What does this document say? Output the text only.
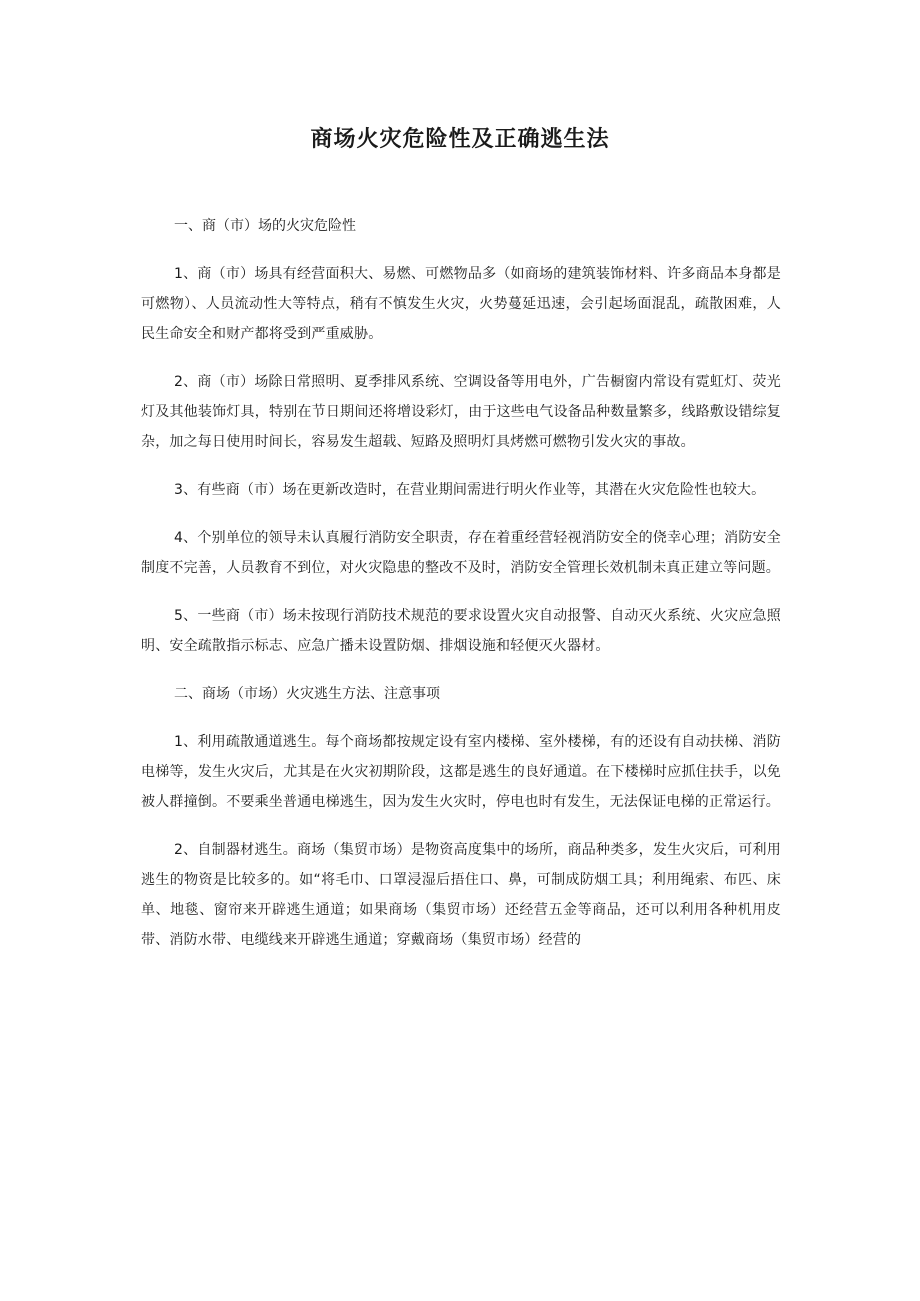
商场火灾危险性及正确逃生法

一、商（市）场的火灾危险性

1、商（市）场具有经营面积大、易燃、可燃物品多（如商场的建筑装饰材料、许多商品本身都是可燃物）、人员流动性大等特点，稍有不慎发生火灾，火势蔓延迅速，会引起场面混乱，疏散困难，人民生命安全和财产都将受到严重威胁。

2、商（市）场除日常照明、夏季排风系统、空调设备等用电外，广告橱窗内常设有霓虹灯、荧光灯及其他装饰灯具，特别在节日期间还将增设彩灯，由于这些电气设备品种数量繁多，线路敷设错综复杂，加之每日使用时间长，容易发生超载、短路及照明灯具烤燃可燃物引发火灾的事故。

3、有些商（市）场在更新改造时，在营业期间需进行明火作业等，其潜在火灾危险性也较大。

4、个别单位的领导未认真履行消防安全职责，存在着重经营轻视消防安全的侥幸心理；消防安全制度不完善，人员教育不到位，对火灾隐患的整改不及时，消防安全管理长效机制未真正建立等问题。

5、一些商（市）场未按现行消防技术规范的要求设置火灾自动报警、自动灭火系统、火灾应急照明、安全疏散指示标志、应急广播未设置防烟、排烟设施和轻便灭火器材。

二、商场（市场）火灾逃生方法、注意事项

1、利用疏散通道逃生。每个商场都按规定设有室内楼梯、室外楼梯，有的还设有自动扶梯、消防电梯等，发生火灾后，尤其是在火灾初期阶段，这都是逃生的良好通道。在下楼梯时应抓住扶手，以免被人群撞倒。不要乘坐普通电梯逃生，因为发生火灾时，停电也时有发生，无法保证电梯的正常运行。

2、自制器材逃生。商场（集贸市场）是物资高度集中的场所，商品种类多，发生火灾后，可利用逃生的物资是比较多的。如“将毛巾、口罩浸湿后捂住口、鼻，可制成防烟工具；利用绳索、布匹、床单、地毯、窗帘来开辟逃生通道；如果商场（集贸市场）还经营五金等商品，还可以利用各种机用皮带、消防水带、电缆线来开辟逃生通道；穿戴商场（集贸市场）经营的
